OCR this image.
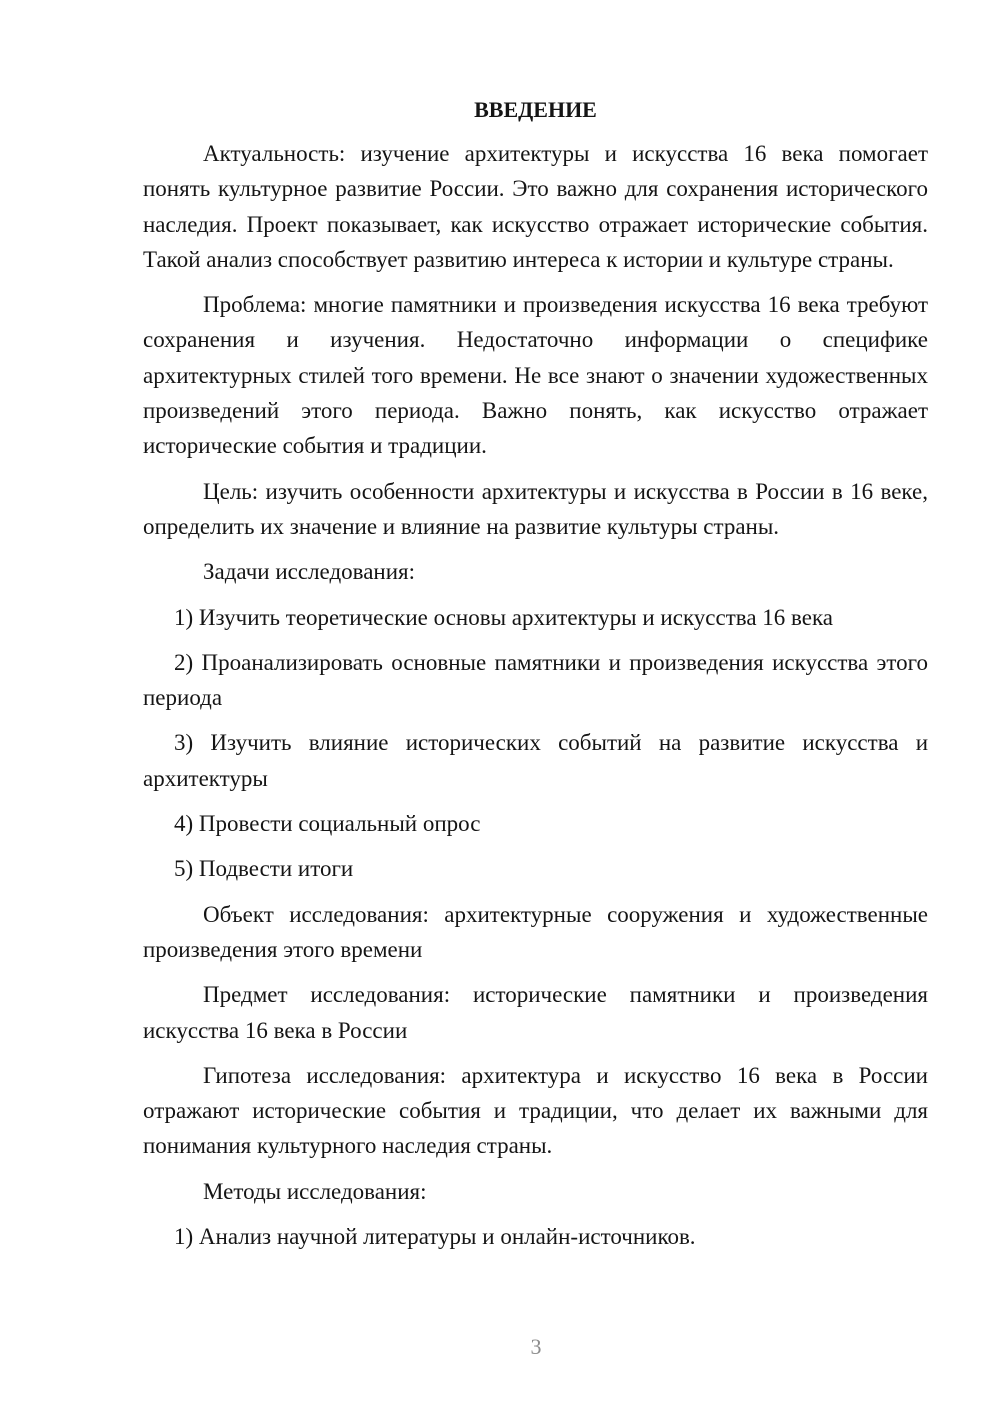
ВВЕДЕНИЕ

Актуальность: изучение архитектуры и искусства 16 века помогает понять культурное развитие России. Это важно для сохранения исторического наследия. Проект показывает, как искусство отражает исторические события. Такой анализ способствует развитию интереса к истории и культуре страны.

Проблема: многие памятники и произведения искусства 16 века требуют сохранения и изучения. Недостаточно информации о специфике архитектурных стилей того времени. Не все знают о значении художественных произведений этого периода. Важно понять, как искусство отражает исторические события и традиции.

Цель: изучить особенности архитектуры и искусства в России в 16 веке, определить их значение и влияние на развитие культуры страны.

Задачи исследования:

1) Изучить теоретические основы архитектуры и искусства 16 века

2) Проанализировать основные памятники и произведения искусства этого периода

3) Изучить влияние исторических событий на развитие искусства и архитектуры

4) Провести социальный опрос

5) Подвести итоги

Объект исследования: архитектурные сооружения и художественные произведения этого времени

Предмет исследования: исторические памятники и произведения искусства 16 века в России

Гипотеза исследования: архитектура и искусство 16 века в России отражают исторические события и традиции, что делает их важными для понимания культурного наследия страны.

Методы исследования:

1) Анализ научной литературы и онлайн-источников.

3
